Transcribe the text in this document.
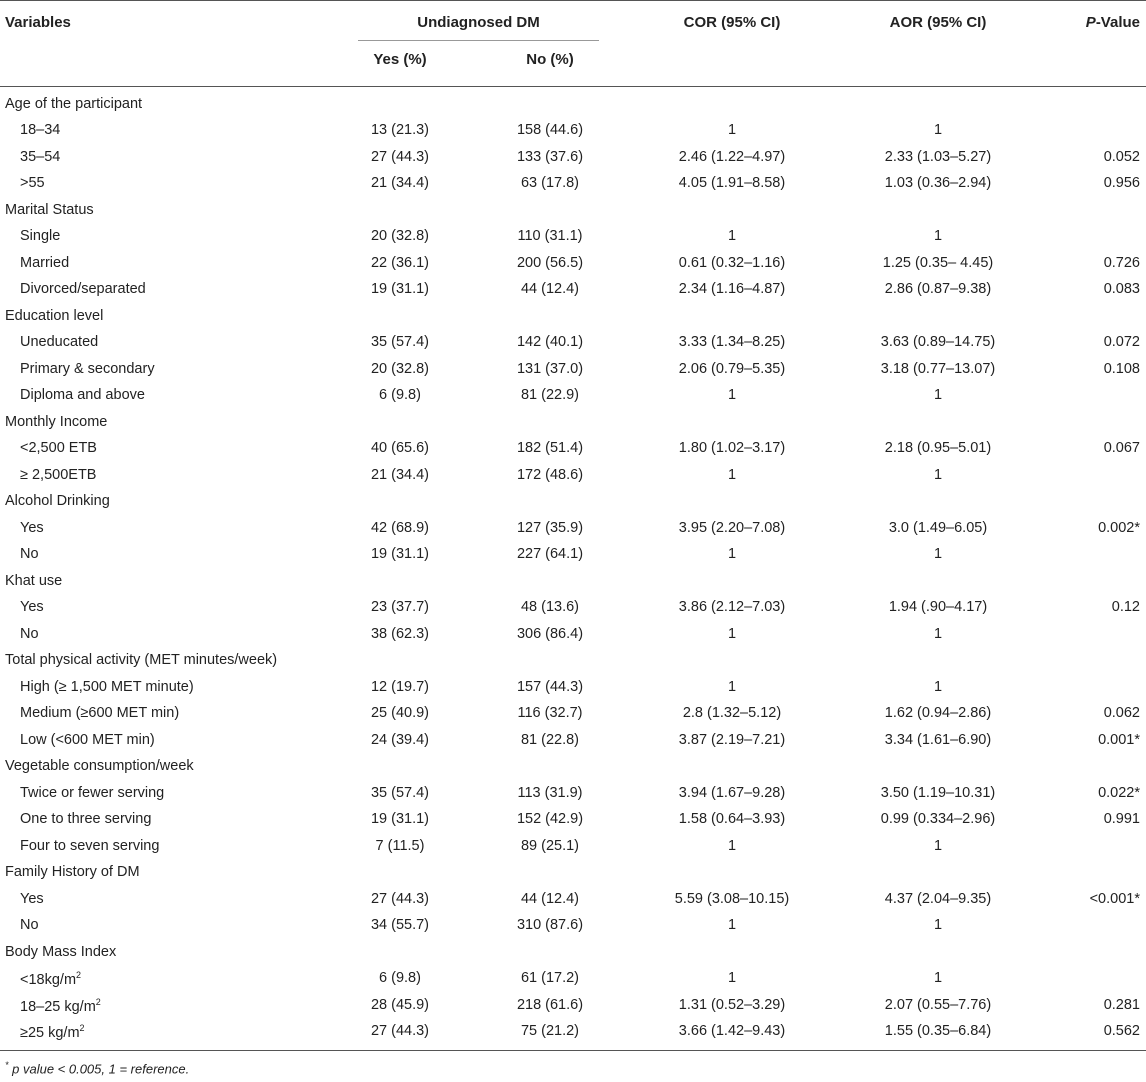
Variables	Undiagnosed DM	COR (95% CI)	AOR (95% CI)	P-Value
Yes (%)	No (%)
Age of the participant
18–34	13 (21.3)	158 (44.6)	1	1
35–54	27 (44.3)	133 (37.6)	2.46 (1.22–4.97)	2.33 (1.03–5.27)	0.052
>55	21 (34.4)	63 (17.8)	4.05 (1.91–8.58)	1.03 (0.36–2.94)	0.956
Marital Status
Single	20 (32.8)	110 (31.1)	1	1
Married	22 (36.1)	200 (56.5)	0.61 (0.32–1.16)	1.25 (0.35– 4.45)	0.726
Divorced/separated	19 (31.1)	44 (12.4)	2.34 (1.16–4.87)	2.86 (0.87–9.38)	0.083
Education level
Uneducated	35 (57.4)	142 (40.1)	3.33 (1.34–8.25)	3.63 (0.89–14.75)	0.072
Primary & secondary	20 (32.8)	131 (37.0)	2.06 (0.79–5.35)	3.18 (0.77–13.07)	0.108
Diploma and above	6 (9.8)	81 (22.9)	1	1
Monthly Income
<2,500 ETB	40 (65.6)	182 (51.4)	1.80 (1.02–3.17)	2.18 (0.95–5.01)	0.067
≥ 2,500ETB	21 (34.4)	172 (48.6)	1	1
Alcohol Drinking
Yes	42 (68.9)	127 (35.9)	3.95 (2.20–7.08)	3.0 (1.49–6.05)	0.002*
No	19 (31.1)	227 (64.1)	1	1
Khat use
Yes	23 (37.7)	48 (13.6)	3.86 (2.12–7.03)	1.94 (.90–4.17)	0.12
No	38 (62.3)	306 (86.4)	1	1
Total physical activity (MET minutes/week)
High (≥ 1,500 MET minute)	12 (19.7)	157 (44.3)	1	1
Medium (≥600 MET min)	25 (40.9)	116 (32.7)	2.8 (1.32–5.12)	1.62 (0.94–2.86)	0.062
Low (<600 MET min)	24 (39.4)	81 (22.8)	3.87 (2.19–7.21)	3.34 (1.61–6.90)	0.001*
Vegetable consumption/week
Twice or fewer serving	35 (57.4)	113 (31.9)	3.94 (1.67–9.28)	3.50 (1.19–10.31)	0.022*
One to three serving	19 (31.1)	152 (42.9)	1.58 (0.64–3.93)	0.99 (0.334–2.96)	0.991
Four to seven serving	7 (11.5)	89 (25.1)	1	1
Family History of DM
Yes	27 (44.3)	44 (12.4)	5.59 (3.08–10.15)	4.37 (2.04–9.35)	<0.001*
No	34 (55.7)	310 (87.6)	1	1
Body Mass Index
$<18kg/m^2$	6 (9.8)	61 (17.2)	1	1
18–25 $kg/m^2$	28 (45.9)	218 (61.6)	1.31 (0.52–3.29)	2.07 (0.55–7.76)	0.281
≥25 $kg/m^2$	27 (44.3)	75 (21.2)	3.66 (1.42–9.43)	1.55 (0.35–6.84)	0.562
* p value < 0.005, 1 = reference.
